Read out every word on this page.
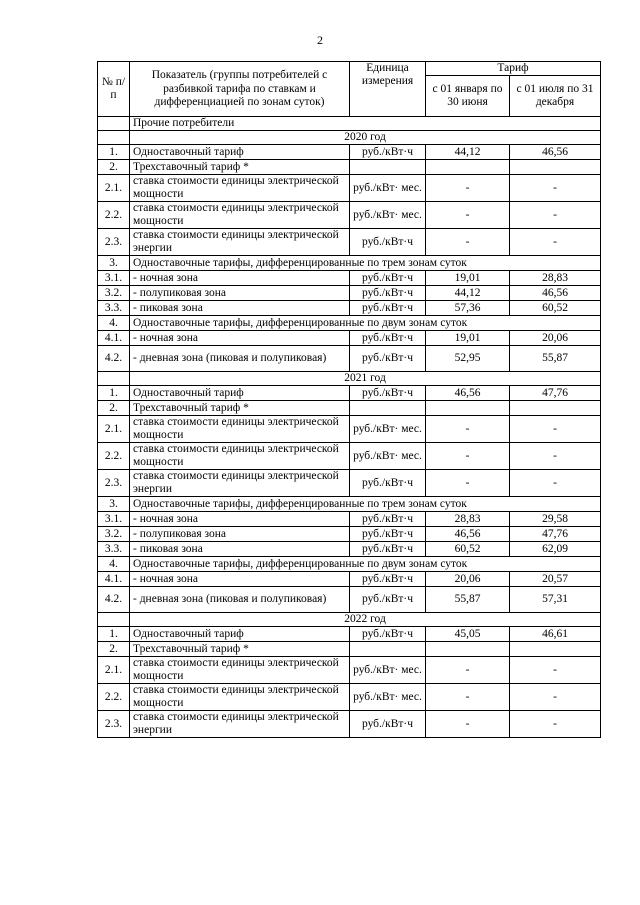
2
№ п/п	Показатель (группы потребителей с разбивкой тарифа по ставкам и дифференциацией по зонам суток)	Единица измерения	Тариф	
			с 01 января по 30 июня	с 01 июля по 31 декабря
	Прочие потребители			
	2020 год			
1.	Одноставочный тариф	руб./кВт·ч	44,12	46,56
2.	Трехставочный тариф *			
2.1.	ставка стоимости единицы электрической мощности	руб./кВт· мес.	-	-
2.2.	ставка стоимости единицы электрической мощности	руб./кВт· мес.	-	-
2.3.	ставка стоимости единицы электрической энергии	руб./кВт·ч	-	-
3.	Одноставочные тарифы, дифференцированные по трем зонам суток			
3.1.	- ночная зона	руб./кВт·ч	19,01	28,83
3.2.	- полупиковая зона	руб./кВт·ч	44,12	46,56
3.3.	- пиковая зона	руб./кВт·ч	57,36	60,52
4.	Одноставочные тарифы, дифференцированные по двум зонам суток			
4.1.	- ночная зона	руб./кВт·ч	19,01	20,06
4.2.	- дневная зона (пиковая и полупиковая)	руб./кВт·ч	52,95	55,87
	2021 год			
1.	Одноставочный тариф	руб./кВт·ч	46,56	47,76
2.	Трехставочный тариф *			
2.1.	ставка стоимости единицы электрической мощности	руб./кВт· мес.	-	-
2.2.	ставка стоимости единицы электрической мощности	руб./кВт· мес.	-	-
2.3.	ставка стоимости единицы электрической энергии	руб./кВт·ч	-	-
3.	Одноставочные тарифы, дифференцированные по трем зонам суток			
3.1.	- ночная зона	руб./кВт·ч	28,83	29,58
3.2.	- полупиковая зона	руб./кВт·ч	46,56	47,76
3.3.	- пиковая зона	руб./кВт·ч	60,52	62,09
4.	Одноставочные тарифы, дифференцированные по двум зонам суток			
4.1.	- ночная зона	руб./кВт·ч	20,06	20,57
4.2.	- дневная зона (пиковая и полупиковая)	руб./кВт·ч	55,87	57,31
	2022 год			
1.	Одноставочный тариф	руб./кВт·ч	45,05	46,61
2.	Трехставочный тариф *			
2.1.	ставка стоимости единицы электрической мощности	руб./кВт· мес.	-	-
2.2.	ставка стоимости единицы электрической мощности	руб./кВт· мес.	-	-
2.3.	ставка стоимости единицы электрической энергии	руб./кВт·ч	-	-
